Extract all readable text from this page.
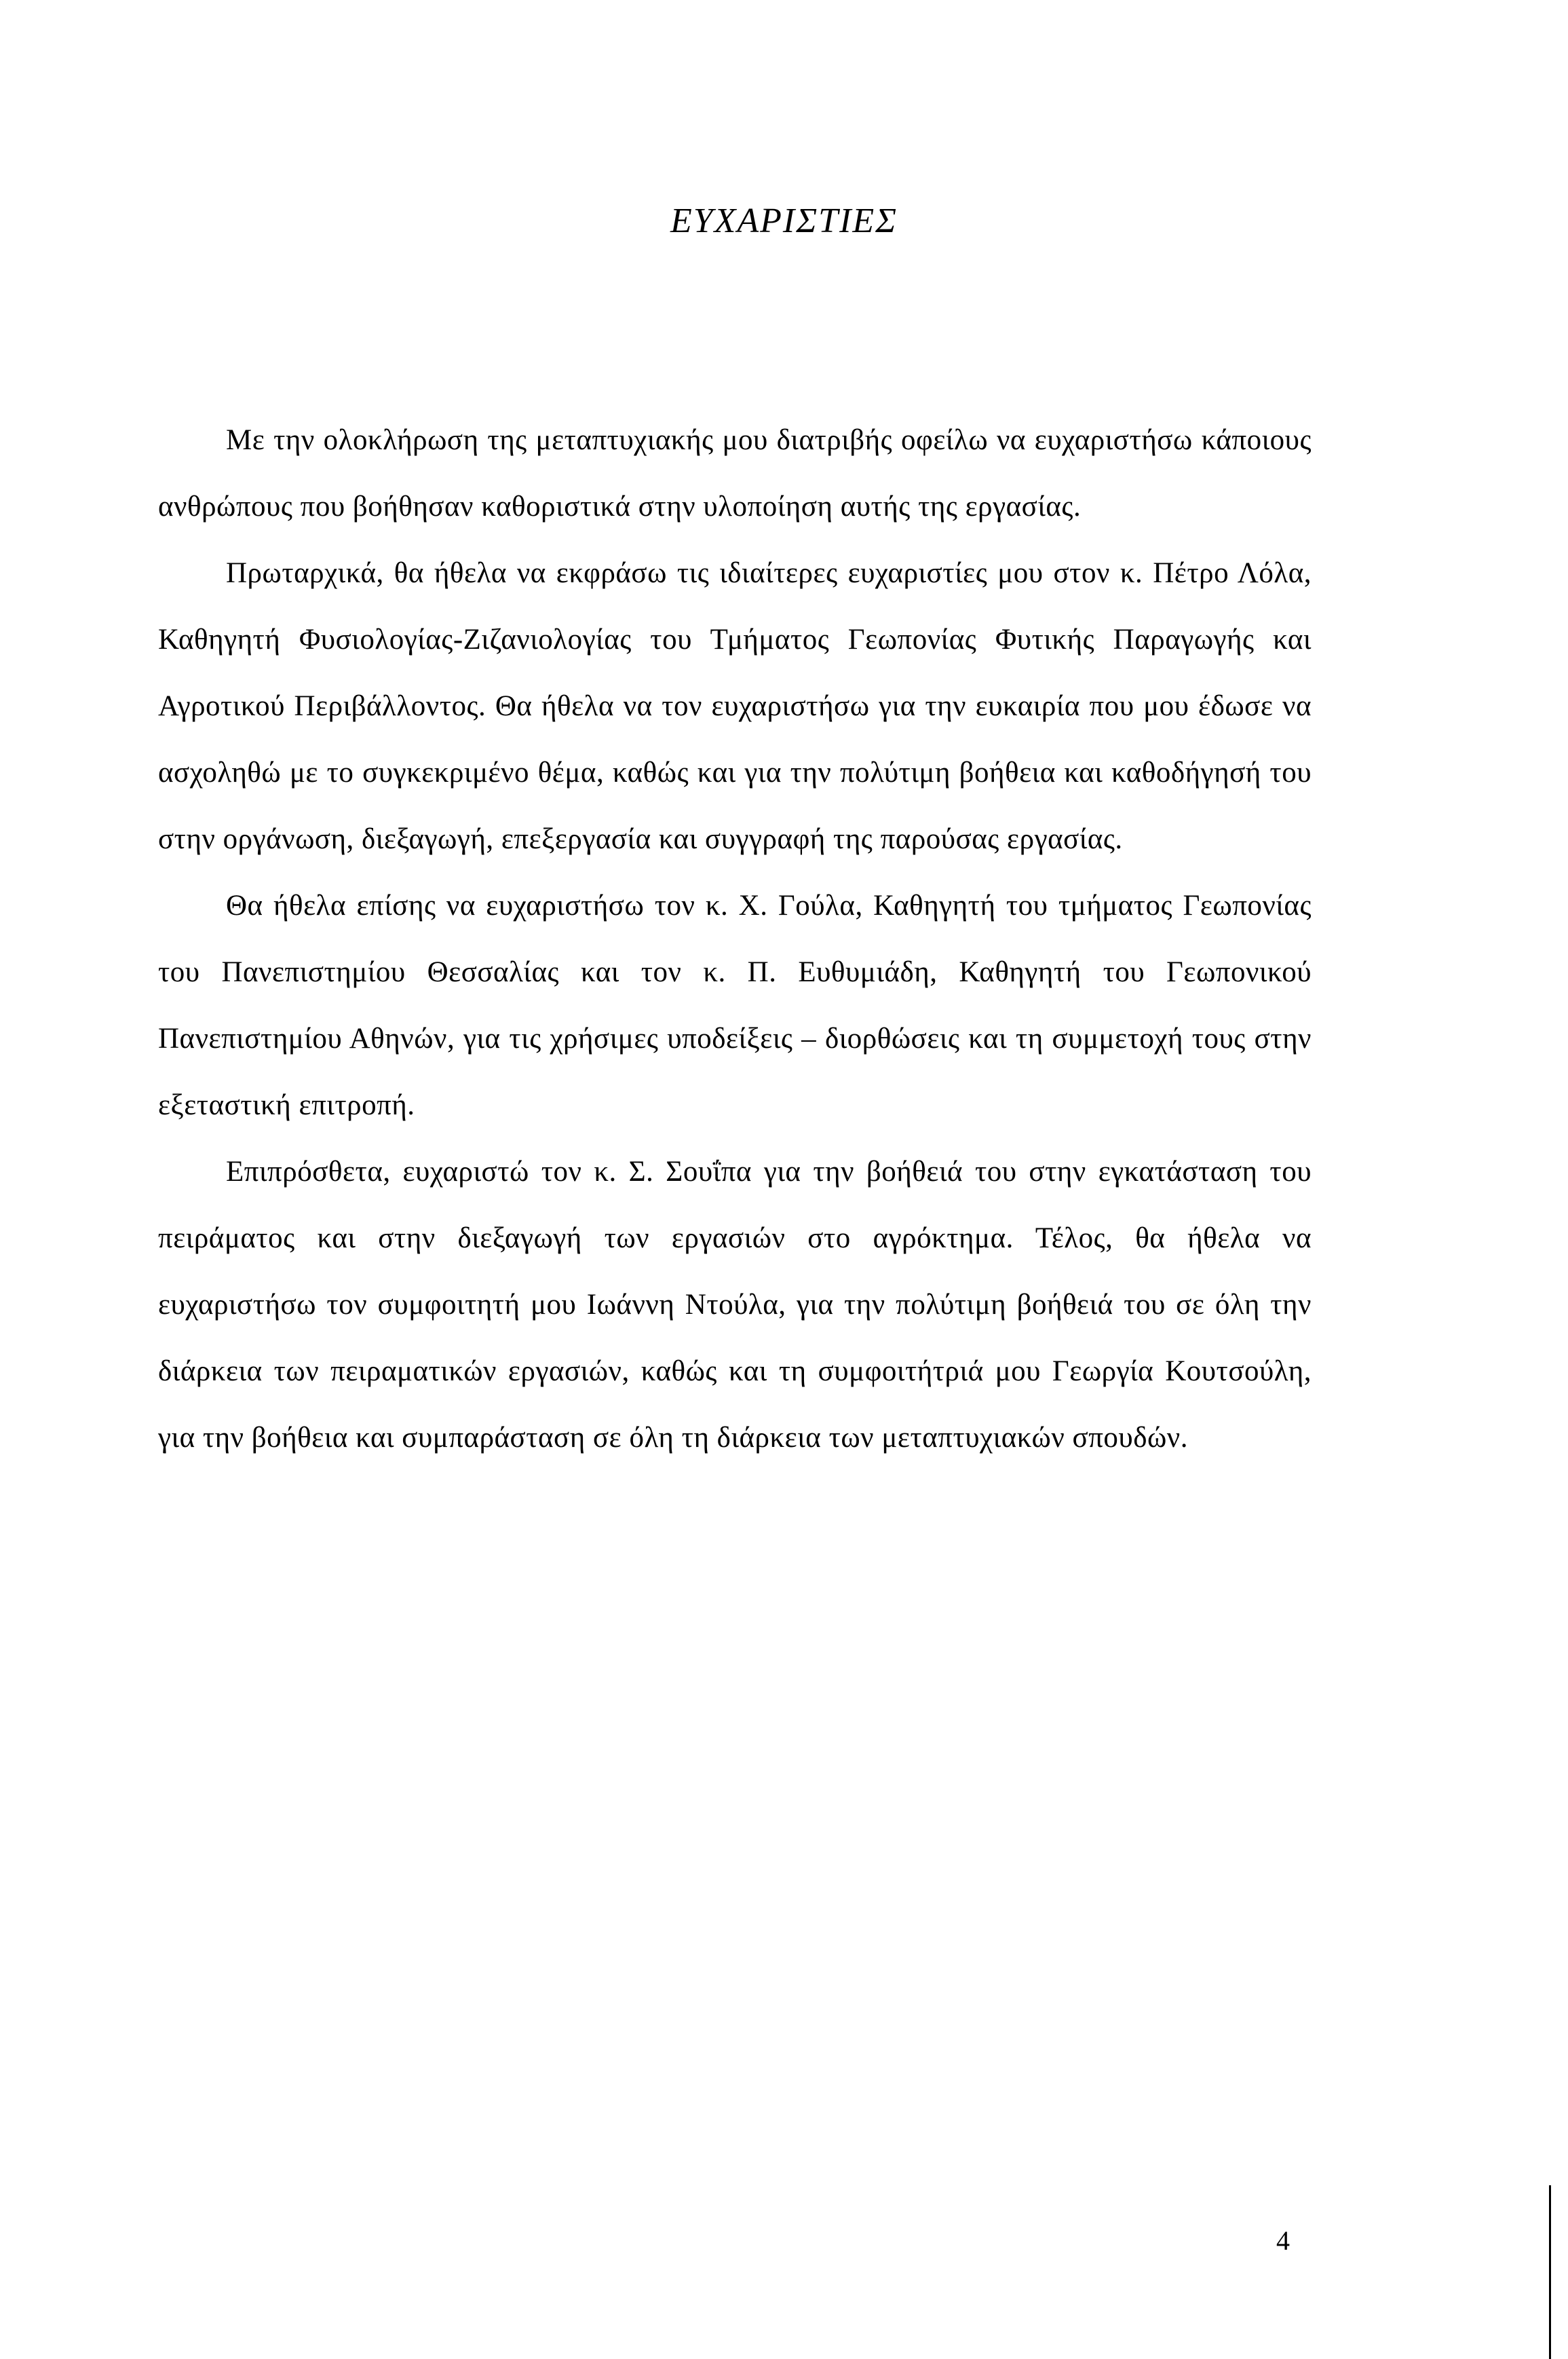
ΕΥΧΑΡΙΣΤΙΕΣ

Με την ολοκλήρωση της μεταπτυχιακής μου διατριβής οφείλω να ευχαριστήσω κάποιους ανθρώπους που βοήθησαν καθοριστικά στην υλοποίηση αυτής της εργασίας.

Πρωταρχικά, θα ήθελα να εκφράσω τις ιδιαίτερες ευχαριστίες μου στον κ. Πέτρο Λόλα, Καθηγητή Φυσιολογίας-Ζιζανιολογίας του Τμήματος Γεωπονίας Φυτικής Παραγωγής και Αγροτικού Περιβάλλοντος. Θα ήθελα να τον ευχαριστήσω για την ευκαιρία που μου έδωσε να ασχοληθώ με το συγκεκριμένο θέμα, καθώς και για την πολύτιμη βοήθεια και καθοδήγησή του στην οργάνωση, διεξαγωγή, επεξεργασία και συγγραφή της παρούσας εργασίας.

Θα ήθελα επίσης να ευχαριστήσω τον κ. Χ. Γούλα, Καθηγητή του τμήματος Γεωπονίας του Πανεπιστημίου Θεσσαλίας και τον κ. Π. Ευθυμιάδη, Καθηγητή του Γεωπονικού Πανεπιστημίου Αθηνών, για τις χρήσιμες υποδείξεις – διορθώσεις και τη συμμετοχή τους στην εξεταστική επιτροπή.

Επιπρόσθετα, ευχαριστώ τον κ. Σ. Σουΐπα για την βοήθειά του στην εγκατάσταση του πειράματος και στην διεξαγωγή των εργασιών στο αγρόκτημα. Τέλος, θα ήθελα να ευχαριστήσω τον συμφοιτητή μου Ιωάννη Ντούλα, για την πολύτιμη βοήθειά του σε όλη την διάρκεια των πειραματικών εργασιών, καθώς και τη συμφοιτήτριά μου Γεωργία Κουτσούλη, για την βοήθεια και συμπαράσταση σε όλη τη διάρκεια των μεταπτυχιακών σπουδών.

4
